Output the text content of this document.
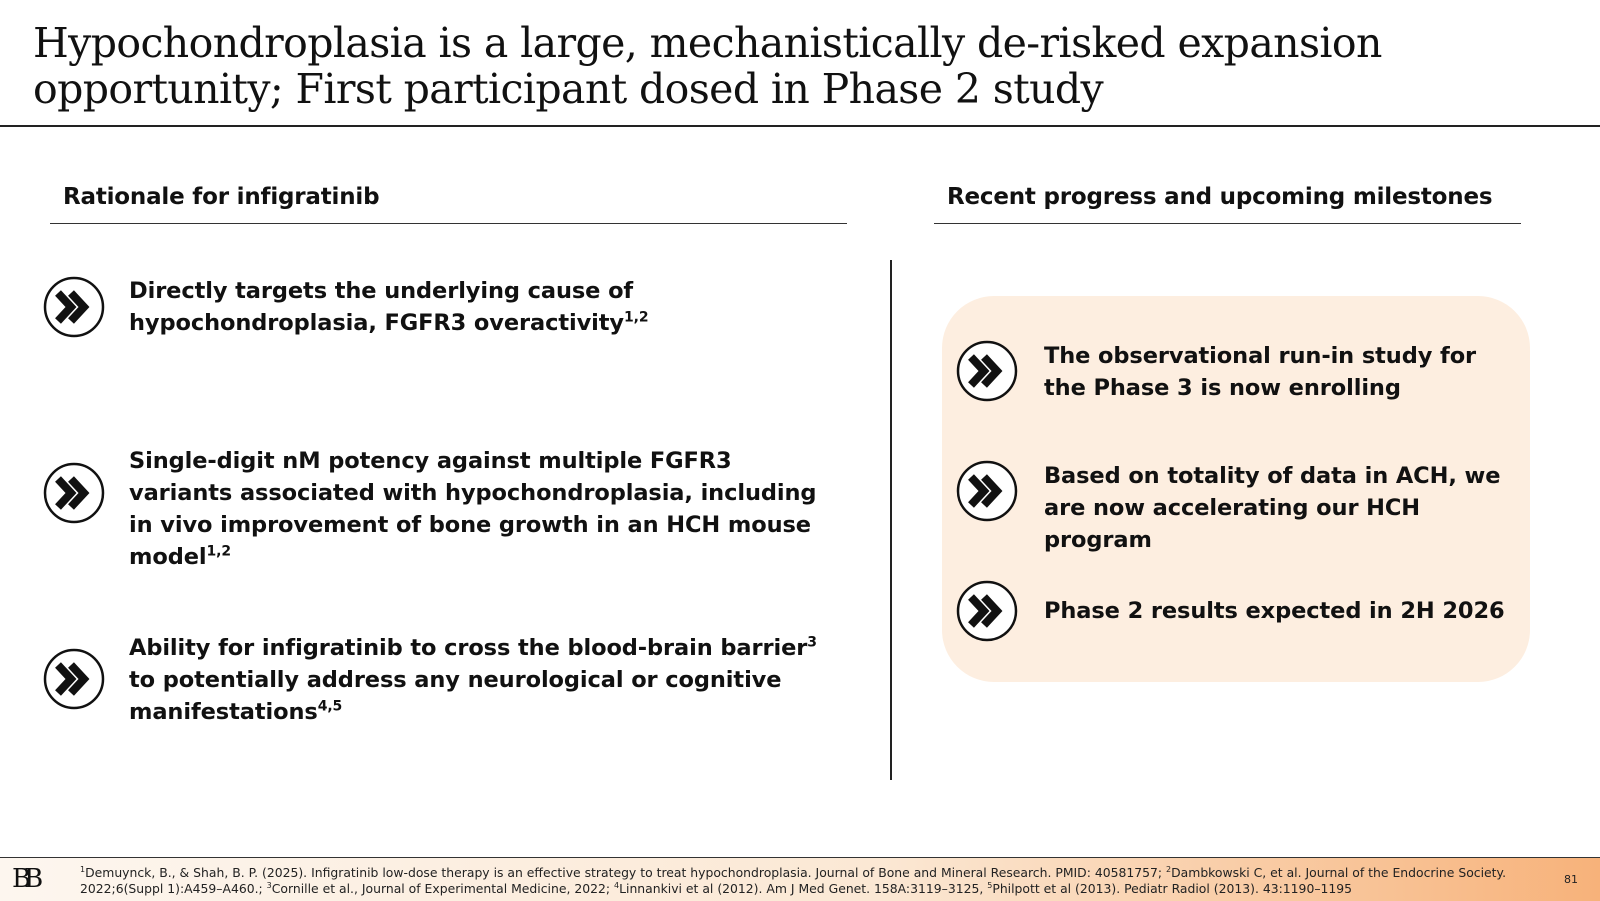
Hypochondroplasia is a large, mechanistically de-risked expansion opportunity; First participant dosed in Phase 2 study
Rationale for infigratinib

Directly targets the underlying cause of hypochondroplasia, FGFR3 overactivity$^{1,2}$

Single-digit nM potency against multiple FGFR3 variants associated with hypochondroplasia, including in vivo improvement of bone growth in an HCH mouse model$^{1,2}$

Ability for infigratinib to cross the blood-brain barrier$^3$ to potentially address any neurological or cognitive manifestations$^{4,5}$

Recent progress and upcoming milestones

The observational run-in study for the Phase 3 is now enrolling

Based on totality of data in ACH, we are now accelerating our HCH program

Phase 2 results expected in 2H 2026

BB	$^1$Demuynck, B., & Shah, B. P. (2025). Infigratinib low-dose therapy is an effective strategy to treat hypochondroplasia. Journal of Bone and Mineral Research. PMID: 40581757; $^2$Dambkowski C, et al. Journal of the Endocrine Society. 2022;6(Suppl 1):A459–A460.; $^3$Cornille et al., Journal of Experimental Medicine, 2022; $^4$Linnankivi et al (2012). Am J Med Genet. 158A:3119–3125, $^5$Philpott et al (2013). Pediatr Radiol (2013). 43:1190–1195

81
